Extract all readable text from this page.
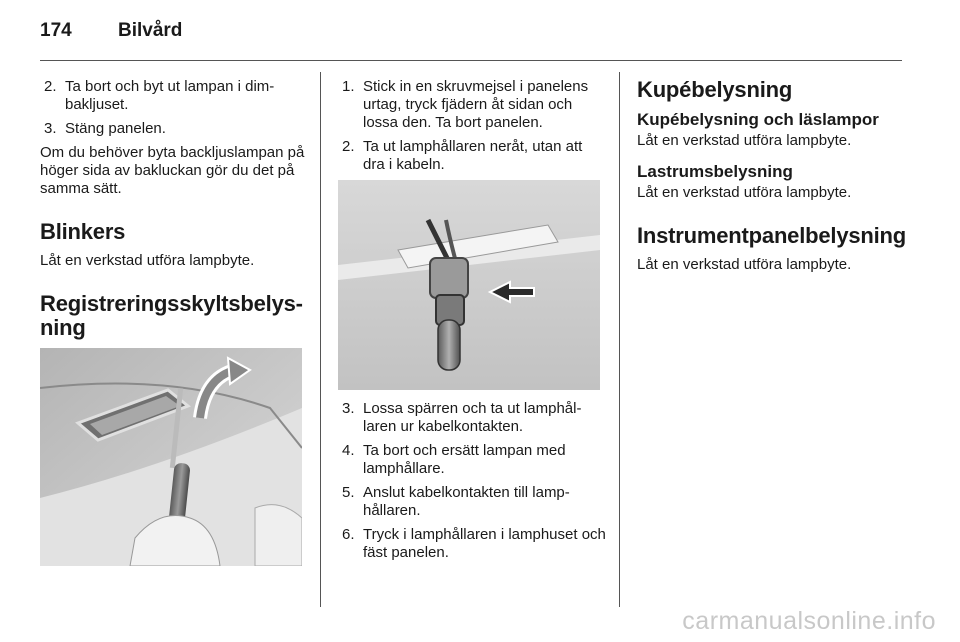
174 Bilvård
2. Ta bort och byt ut lampan i dim-bakljuset.
3. Stäng panelen.

Om du behöver byta backljuslampan på höger sida av bakluckan gör du det på samma sätt.

Blinkers

Låt en verkstad utföra lampbyte.

Registreringsskyltsbelys-ning
1. Stick in en skruvmejsel i panelens urtag, tryck fjädern åt sidan och lossa den. Ta bort panelen.
2. Ta ut lamphållaren neråt, utan att dra i kabeln.
3. Lossa spärren och ta ut lamphål-laren ur kabelkontakten.
4. Ta bort och ersätt lampan med lamphållare.
5. Anslut kabelkontakten till lamp-hållaren.
6. Tryck i lamphållaren i lamphuset och fäst panelen.
Kupébelysning
Kupébelysning och läslampor

Låt en verkstad utföra lampbyte.

Lastrumsbelysning

Låt en verkstad utföra lampbyte.

Instrumentpanelbelysning

Låt en verkstad utföra lampbyte.

carmanualsonline.info
